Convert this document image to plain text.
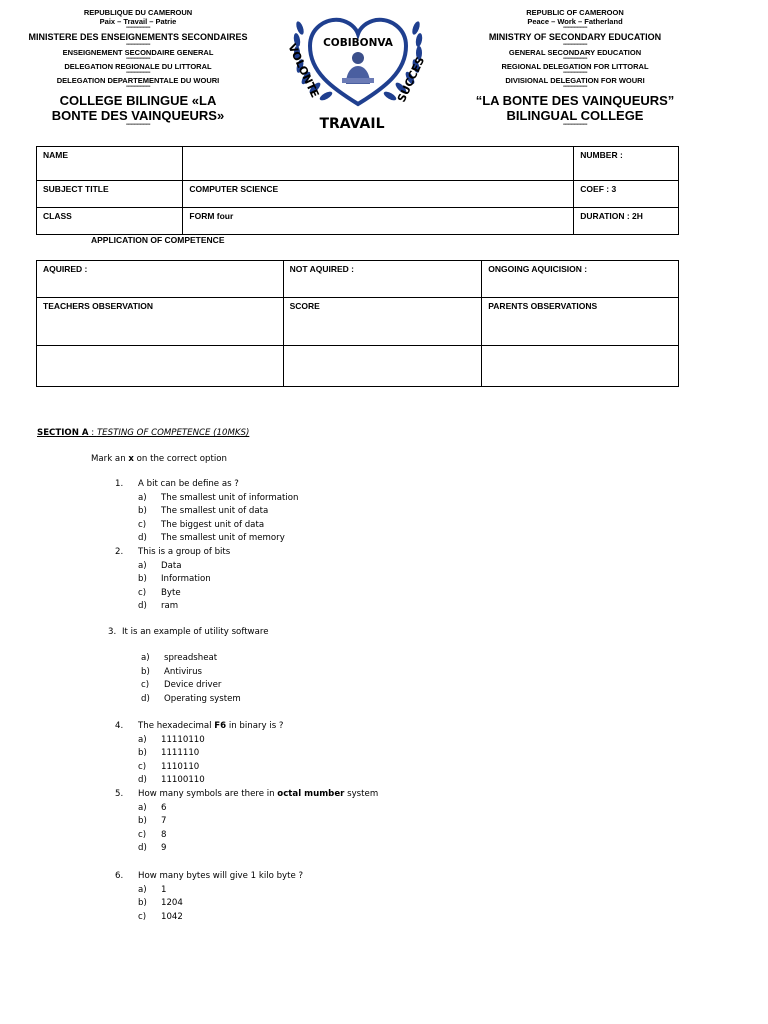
REPUBLIQUE DU CAMEROUN
Paix – Travail – Patrie
----------------
MINISTERE DES ENSEIGNEMENTS SECONDAIRES
----------------
ENSEIGNEMENT SECONDAIRE GENERAL
----------------
DELEGATION REGIONALE DU LITTORAL
----------------
DELEGATION DEPARTEMENTALE DU WOURI
----------------
COLLEGE BILINGUE «LA
BONTE DES VAINQUEURS»
----------------
COBIBONVA
VOLONTE	SUCCES
TRAVAIL
REPUBLIC OF CAMEROON
Peace – Work – Fatherland
----------------
MINISTRY OF SECONDARY EDUCATION
----------------
GENERAL SECONDARY EDUCATION
----------------
REGIONAL DELEGATION FOR LITTORAL
----------------
DIVISIONAL DELEGATION FOR WOURI
----------------
“LA BONTE DES VAINQUEURS”
BILINGUAL COLLEGE
----------------
NAME		NUMBER :
SUBJECT TITLE	COMPUTER SCIENCE	COEF : 3
CLASS	FORM four	DURATION : 2H
APPLICATION OF COMPETENCE
AQUIRED :	NOT AQUIRED :	ONGOING AQUICISION :
TEACHERS OBSERVATION	SCORE	PARENTS OBSERVATIONS

SECTION A : TESTING OF COMPETENCE (10MKS)
Mark an x on the correct option
1. A bit can be define as ?
a) The smallest unit of information
b) The smallest unit of data
c) The biggest unit of data
d) The smallest unit of memory
2. This is a group of bits
a) Data
b) Information
c) Byte
d) ram
3. It is an example of utility software
a) spreadsheat
b) Antivirus
c) Device driver
d) Operating system
4. The hexadecimal F6 in binary is ?
a) 11110110
b) 1111110
c) 1110110
d) 11100110
5. How many symbols are there in octal mumber system
a) 6
b) 7
c) 8
d) 9
6. How many bytes will give 1 kilo byte ?
a) 1
b) 1204
c) 1042
